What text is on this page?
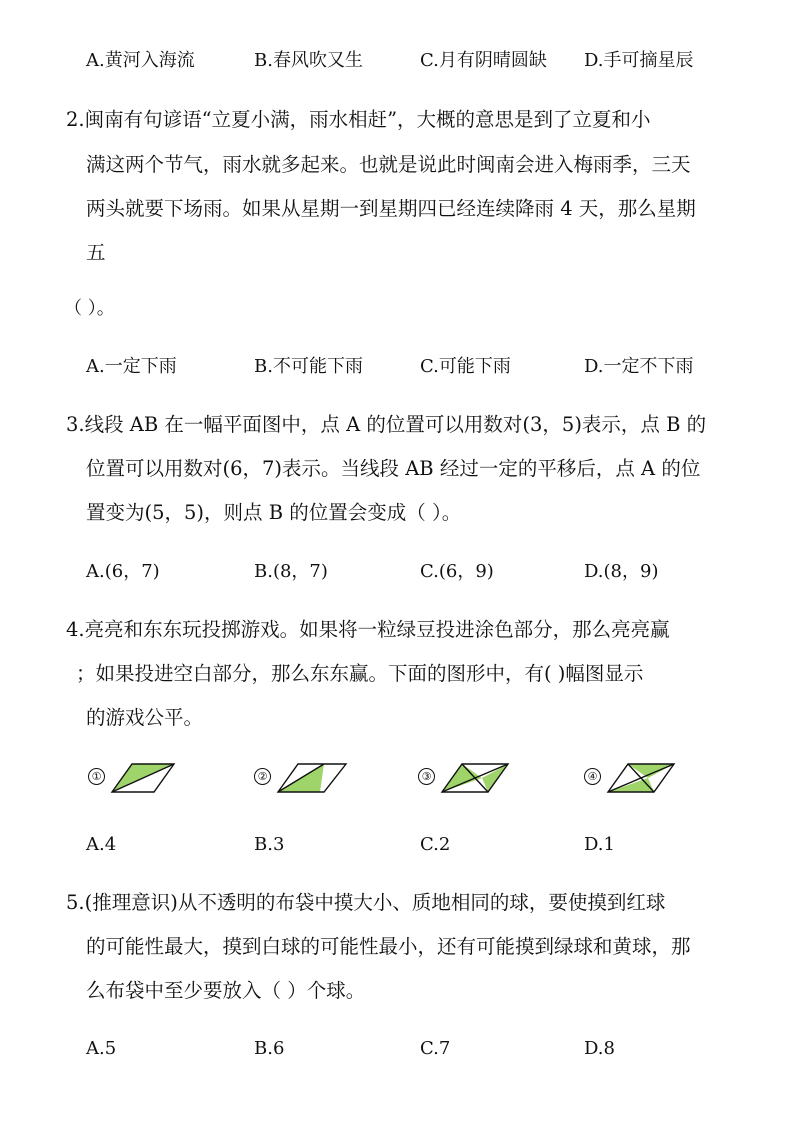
A.黄河入海流	B.春风吹又生	C.月有阴晴圆缺 D.手可摘星辰
2.闽南有句谚语“立夏小满，雨水相赶”，大概的意思是到了立夏和小
满这两个节气，雨水就多起来。也就是说此时闽南会进入梅雨季，三天
两头就要下场雨。如果从星期一到星期四已经连续降雨 4 天，那么星期
五
（ ）。
A.一定下雨	B.不可能下雨	C.可能下雨	D.一定不下雨
3.线段 AB 在一幅平面图中，点 A 的位置可以用数对(3，5)表示，点 B 的
位置可以用数对(6，7)表示。当线段 AB 经过一定的平移后，点 A 的位
置变为(5，5)，则点 B 的位置会变成（ ）。
A.(6，7)	B.(8，7)	C.(6，9)	D.(8，9)
4.亮亮和东东玩投掷游戏。如果将一粒绿豆投进涂色部分，那么亮亮赢
；如果投进空白部分，那么东东赢。下面的图形中，有( )幅图显示
的游戏公平。
①	②	③	④
A.4	B.3	C.2	D.1
5.(推理意识)从不透明的布袋中摸大小、质地相同的球，要使摸到红球
的可能性最大，摸到白球的可能性最小，还有可能摸到绿球和黄球，那
么布袋中至少要放入（ ）个球。
A.5	B.6	C.7	D.8
